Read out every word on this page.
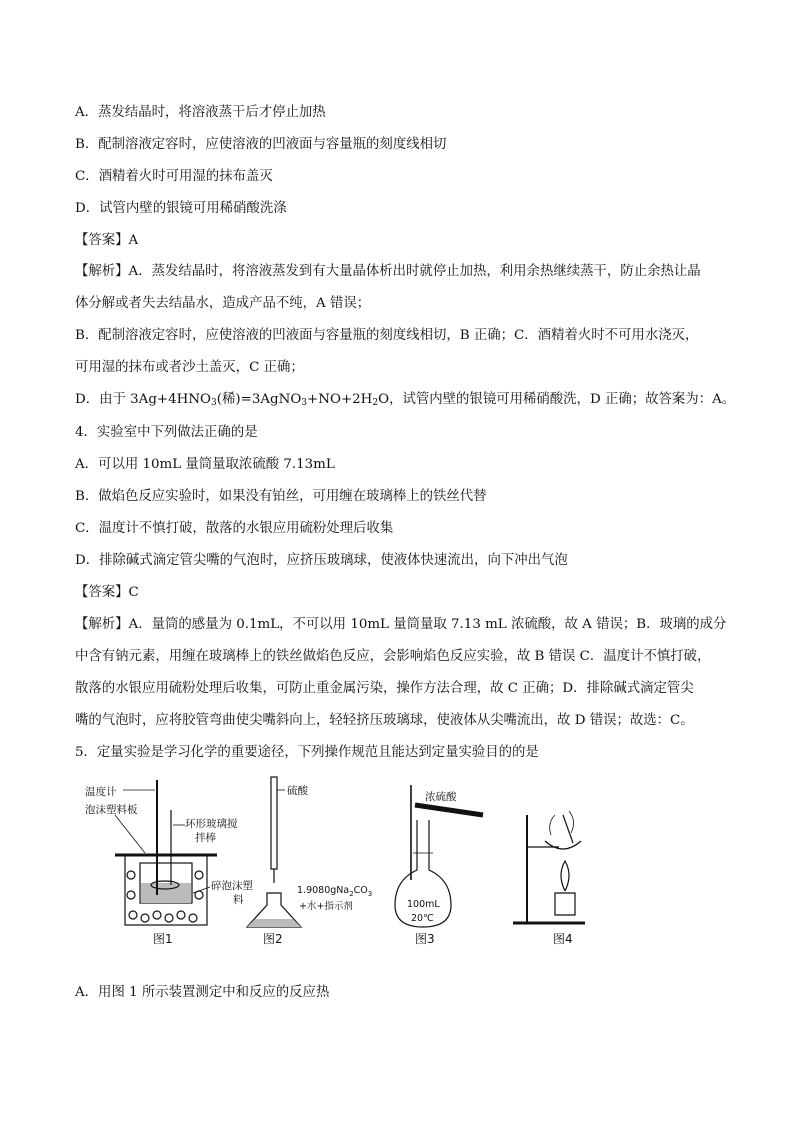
A．蒸发结晶时，将溶液蒸干后才停止加热
B．配制溶液定容时，应使溶液的凹液面与容量瓶的刻度线相切
C．酒精着火时可用湿的抹布盖灭
D．试管内壁的银镜可用稀硝酸洗涤
【答案】A
【解析】A．蒸发结晶时，将溶液蒸发到有大量晶体析出时就停止加热，利用余热继续蒸干，防止余热让晶
体分解或者失去结晶水，造成产品不纯，A 错误；
B．配制溶液定容时，应使溶液的凹液面与容量瓶的刻度线相切，B 正确；C．酒精着火时不可用水浇灭，
可用湿的抹布或者沙土盖灭，C 正确；
D．由于 $3Ag+4HNO_3$(稀)$=3AgNO_3+NO+2H_2O$，试管内壁的银镜可用稀硝酸洗，D 正确；故答案为：A。
4．实验室中下列做法正确的是
A．可以用 10mL 量筒量取浓硫酸 7.13mL
B．做焰色反应实验时，如果没有铂丝，可用缠在玻璃棒上的铁丝代替
C．温度计不慎打破，散落的水银应用硫粉处理后收集
D．排除碱式滴定管尖嘴的气泡时，应挤压玻璃球，使液体快速流出，向下冲出气泡
【答案】C
【解析】A．量筒的感量为 0.1mL，不可以用 10mL 量筒量取 7.13 mL 浓硫酸，故 A 错误；B．玻璃的成分
中含有钠元素，用缠在玻璃棒上的铁丝做焰色反应，会影响焰色反应实验，故 B 错误 C．温度计不慎打破，
散落的水银应用硫粉处理后收集，可防止重金属污染，操作方法合理，故 C 正确；D．排除碱式滴定管尖
嘴的气泡时，应将胶管弯曲使尖嘴斜向上，轻轻挤压玻璃球，使液体从尖嘴流出，故 D 错误；故选：C。
5．定量实验是学习化学的重要途径，下列操作规范且能达到定量实验目的的是
温度计
泡沫塑料板
环形玻璃搅
拌棒
碎泡沫塑
料
图1
硫酸
$1.9080gNa_2CO_3$
+水+指示剂
图2
浓硫酸
100mL
20℃
图3	图4
A．用图 1 所示装置测定中和反应的反应热
